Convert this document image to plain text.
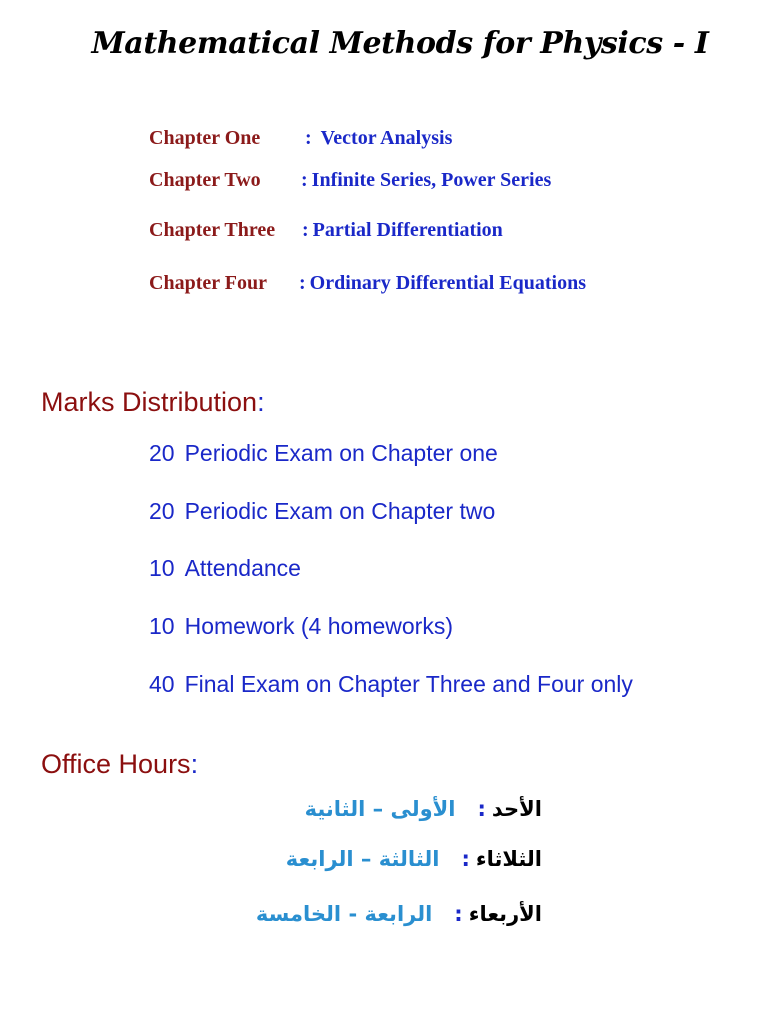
Mathematical Methods for Physics - I
Chapter One : Vector Analysis
Chapter Two : Infinite Series, Power Series
Chapter Three : Partial Differentiation
Chapter Four : Ordinary Differential Equations
Marks Distribution:
20 Periodic Exam on Chapter one
20 Periodic Exam on Chapter two
10 Attendance
10 Homework (4 homeworks)
40 Final Exam on Chapter Three and Four only
Office Hours:
الأحد:الأولى – الثانية
الثلاثاء:الثالثة – الرابعة
الأربعاء:الرابعة - الخامسة
